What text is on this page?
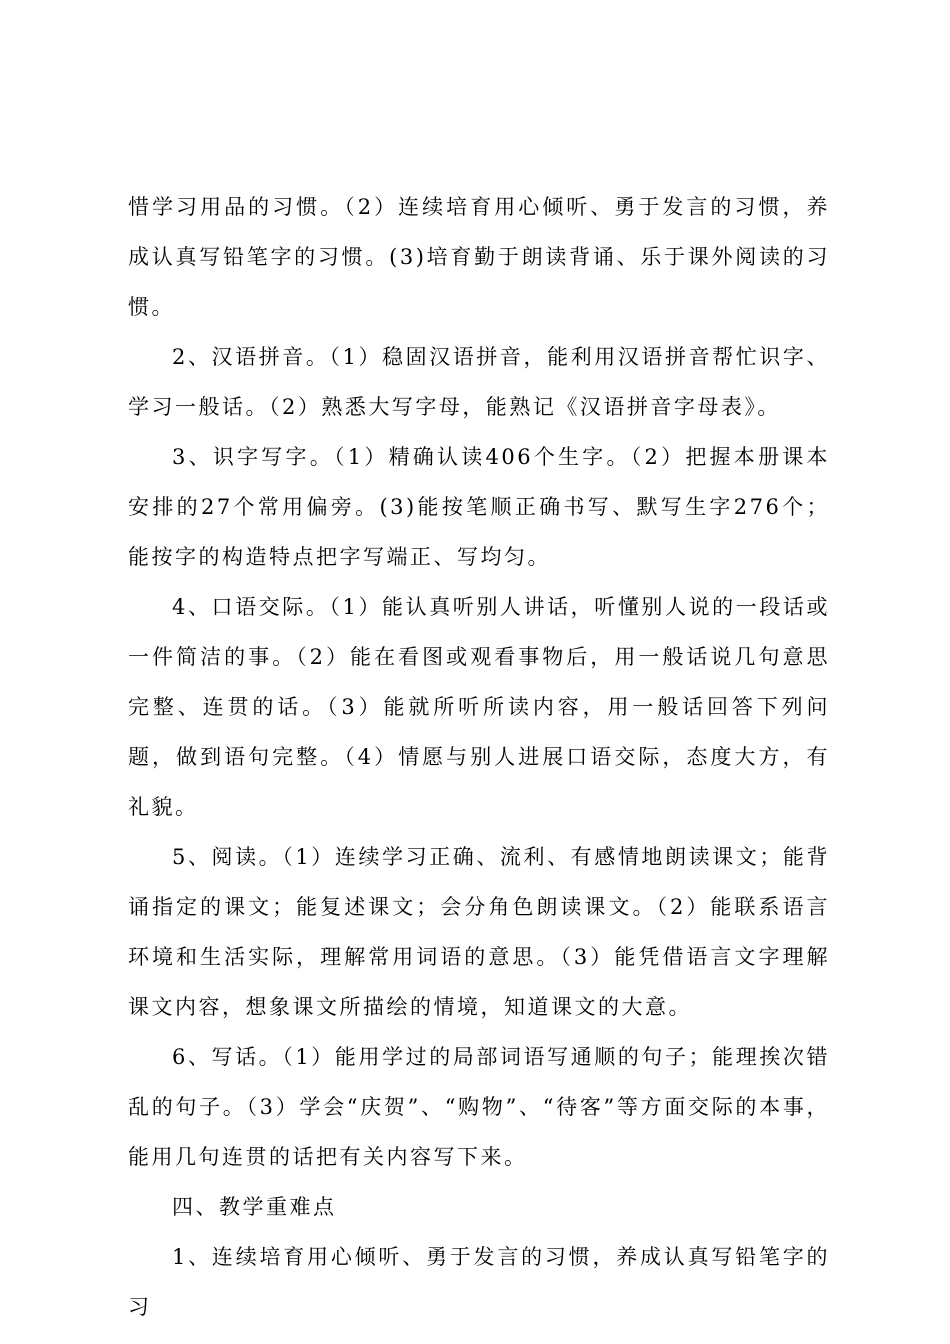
惜学习用品的习惯。（2）连续培育用心倾听、勇于发言的习惯，养成认真写铅笔字的习惯。(3)培育勤于朗读背诵、乐于课外阅读的习惯。

2、汉语拼音。（1）稳固汉语拼音，能利用汉语拼音帮忙识字、学习一般话。（2）熟悉大写字母，能熟记《汉语拼音字母表》。

3、识字写字。（1）精确认读406个生字。（2）把握本册课本安排的27个常用偏旁。(3)能按笔顺正确书写、默写生字276个；能按字的构造特点把字写端正、写均匀。

4、口语交际。（1）能认真听别人讲话，听懂别人说的一段话或一件简洁的事。（2）能在看图或观看事物后，用一般话说几句意思完整、连贯的话。（3）能就所听所读内容，用一般话回答下列问题，做到语句完整。（4）情愿与别人进展口语交际，态度大方，有礼貌。

5、阅读。（1）连续学习正确、流利、有感情地朗读课文；能背诵指定的课文；能复述课文；会分角色朗读课文。（2）能联系语言环境和生活实际，理解常用词语的意思。（3）能凭借语言文字理解课文内容，想象课文所描绘的情境，知道课文的大意。

6、写话。（1）能用学过的局部词语写通顺的句子；能理挨次错乱的句子。（3）学会“庆贺”、“购物”、“待客”等方面交际的本事，能用几句连贯的话把有关内容写下来。

四、教学重难点

1、连续培育用心倾听、勇于发言的习惯，养成认真写铅笔字的习
